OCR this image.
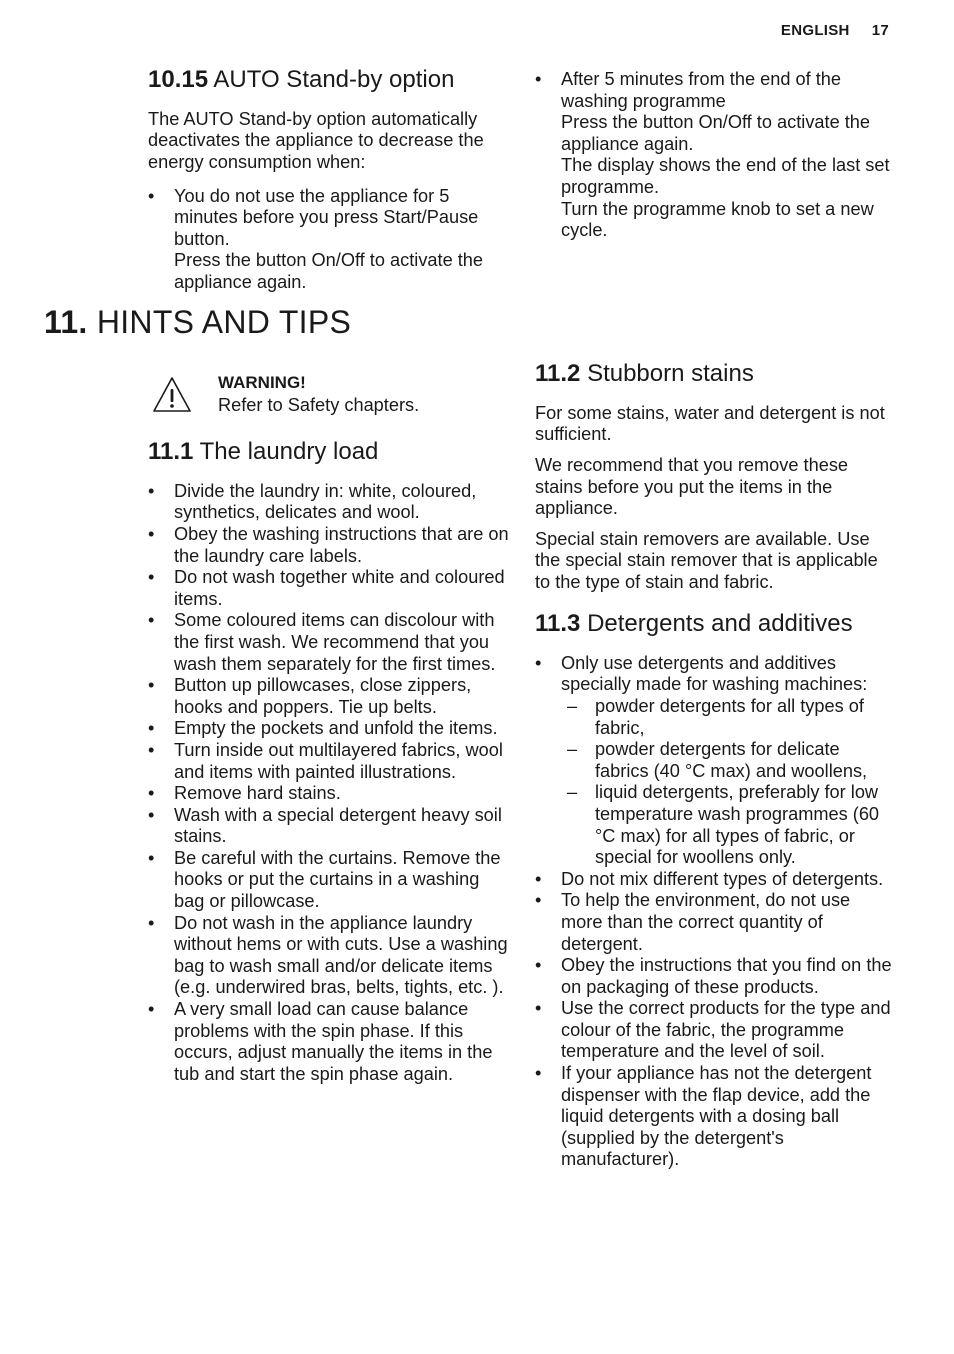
ENGLISH 17
10.15 AUTO Stand-by option

The AUTO Stand-by option automatically deactivates the appliance to decrease the energy consumption when:

• You do not use the appliance for 5 minutes before you press Start/Pause button.
Press the button On/Off to activate the appliance again.
• After 5 minutes from the end of the washing programme
Press the button On/Off to activate the appliance again.
The display shows the end of the last set programme.
Turn the programme knob to set a new cycle.
11. HINTS AND TIPS
WARNING!
Refer to Safety chapters.
11.1 The laundry load
• Divide the laundry in: white, coloured, synthetics, delicates and wool.
• Obey the washing instructions that are on the laundry care labels.
• Do not wash together white and coloured items.
• Some coloured items can discolour with the first wash. We recommend that you wash them separately for the first times.
• Button up pillowcases, close zippers, hooks and poppers. Tie up belts.
• Empty the pockets and unfold the items.
• Turn inside out multilayered fabrics, wool and items with painted illustrations.
• Remove hard stains.
• Wash with a special detergent heavy soil stains.
• Be careful with the curtains. Remove the hooks or put the curtains in a washing bag or pillowcase.
• Do not wash in the appliance laundry without hems or with cuts. Use a washing bag to wash small and/or delicate items (e.g. underwired bras, belts, tights, etc. ).
• A very small load can cause balance problems with the spin phase. If this occurs, adjust manually the items in the tub and start the spin phase again.
11.2 Stubborn stains

For some stains, water and detergent is not sufficient.

We recommend that you remove these stains before you put the items in the appliance.

Special stain removers are available. Use the special stain remover that is applicable to the type of stain and fabric.

11.3 Detergents and additives
• Only use detergents and additives specially made for washing machines:
– powder detergents for all types of fabric,
– powder detergents for delicate fabrics (40 °C max) and woollens,
– liquid detergents, preferably for low temperature wash programmes (60 °C max) for all types of fabric, or special for woollens only.
• Do not mix different types of detergents.
• To help the environment, do not use more than the correct quantity of detergent.
• Obey the instructions that you find on the on packaging of these products.
• Use the correct products for the type and colour of the fabric, the programme temperature and the level of soil.
• If your appliance has not the detergent dispenser with the flap device, add the liquid detergents with a dosing ball (supplied by the detergent's manufacturer).
